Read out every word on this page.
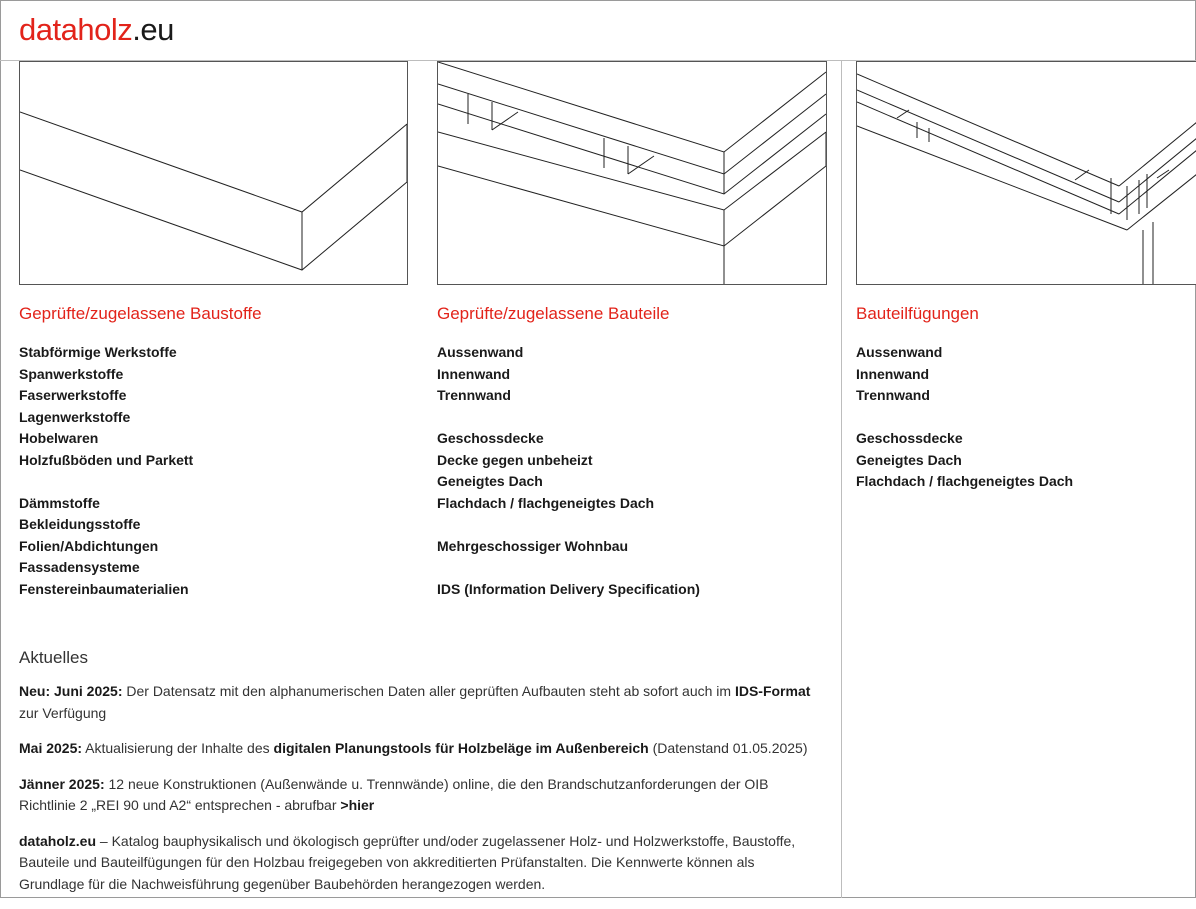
dataholz.eu
Geprüfte/zugelassene Baustoffe
Stabförmige Werkstoffe
Spanwerkstoffe
Faserwerkstoffe
Lagenwerkstoffe
Hobelwaren
Holzfußböden und Parkett
Dämmstoffe
Bekleidungsstoffe
Folien/Abdichtungen
Fassadensysteme
Fenstereinbaumaterialien
Geprüfte/zugelassene Bauteile
Aussenwand
Innenwand
Trennwand
Geschossdecke
Decke gegen unbeheizt
Geneigtes Dach
Flachdach / flachgeneigtes Dach
Mehrgeschossiger Wohnbau
IDS (Information Delivery Specification)
Bauteilfügungen
Aussenwand
Innenwand
Trennwand
Geschossdecke
Geneigtes Dach
Flachdach / flachgeneigtes Dach
Aktuelles

Neu: Juni 2025: Der Datensatz mit den alphanumerischen Daten aller geprüften Aufbauten steht ab sofort auch im IDS-Format zur Verfügung

Mai 2025: Aktualisierung der Inhalte des digitalen Planungstools für Holzbeläge im Außenbereich (Datenstand 01.05.2025)

Jänner 2025: 12 neue Konstruktionen (Außenwände u. Trennwände) online, die den Brandschutzanforderungen der OIB Richtlinie 2 „REI 90 und A2“ entsprechen - abrufbar >hier

dataholz.eu – Katalog bauphysikalisch und ökologisch geprüfter und/oder zugelassener Holz- und Holzwerkstoffe, Baustoffe, Bauteile und Bauteilfügungen für den Holzbau freigegeben von akkreditierten Prüfanstalten. Die Kennwerte können als Grundlage für die Nachweisführung gegenüber Baubehörden herangezogen werden.
